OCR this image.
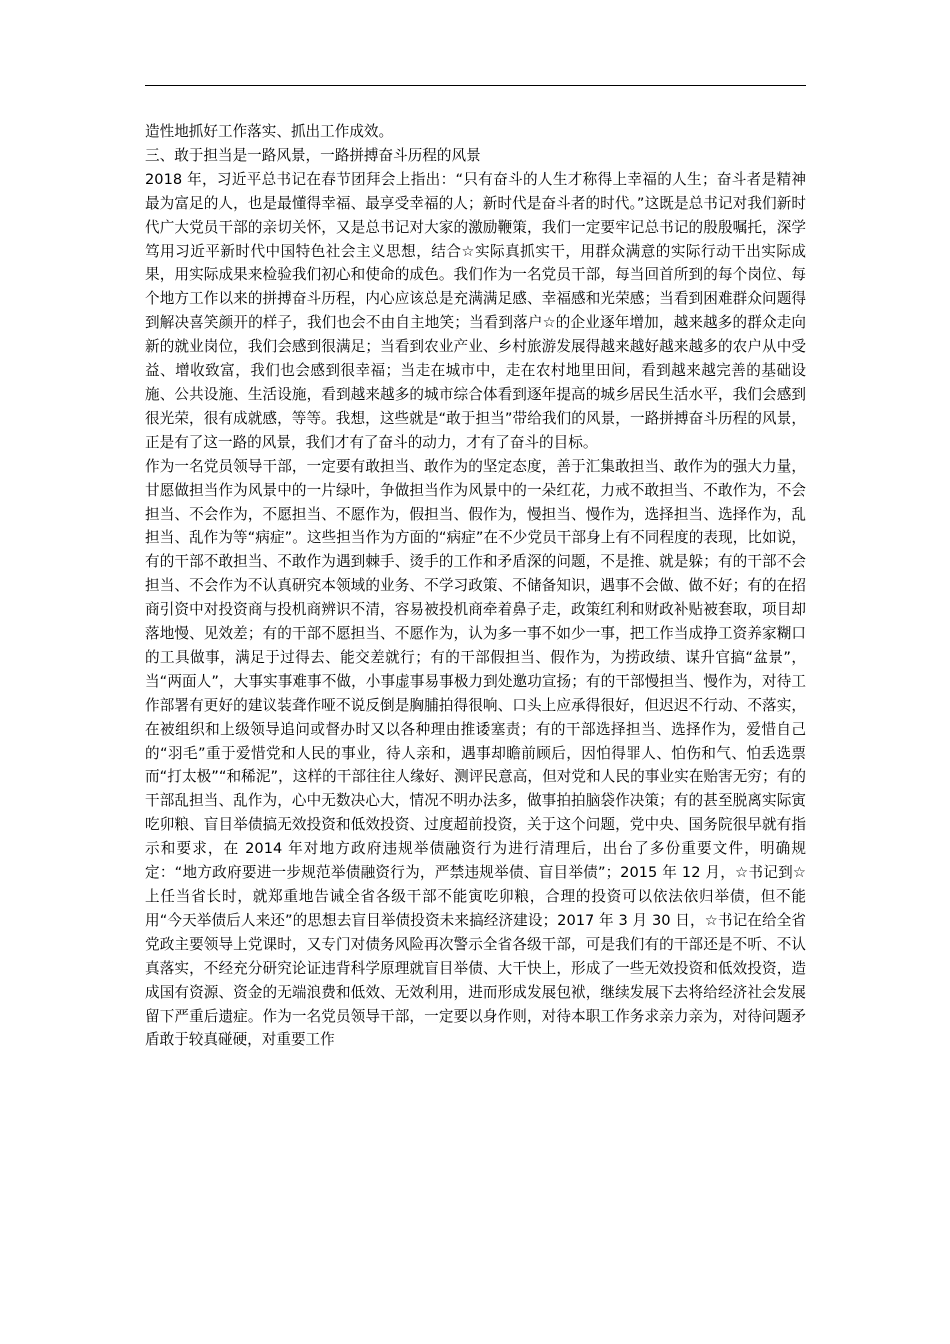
造性地抓好工作落实、抓出工作成效。

三、敢于担当是一路风景，一路拼搏奋斗历程的风景

2018 年，习近平总书记在春节团拜会上指出：“只有奋斗的人生才称得上幸福的人生；奋斗者是精神最为富足的人，也是最懂得幸福、最享受幸福的人；新时代是奋斗者的时代。”这既是总书记对我们新时代广大党员干部的亲切关怀，又是总书记对大家的激励鞭策，我们一定要牢记总书记的殷殷嘱托，深学笃用习近平新时代中国特色社会主义思想，结合☆实际真抓实干，用群众满意的实际行动干出实际成果，用实际成果来检验我们初心和使命的成色。我们作为一名党员干部，每当回首所到的每个岗位、每个地方工作以来的拼搏奋斗历程，内心应该总是充满满足感、幸福感和光荣感；当看到困难群众问题得到解决喜笑颜开的样子，我们也会不由自主地笑；当看到落户☆的企业逐年增加，越来越多的群众走向新的就业岗位，我们会感到很满足；当看到农业产业、乡村旅游发展得越来越好越来越多的农户从中受益、增收致富，我们也会感到很幸福；当走在城市中，走在农村地里田间，看到越来越完善的基础设施、公共设施、生活设施，看到越来越多的城市综合体看到逐年提高的城乡居民生活水平，我们会感到很光荣，很有成就感，等等。我想，这些就是“敢于担当”带给我们的风景，一路拼搏奋斗历程的风景，正是有了这一路的风景，我们才有了奋斗的动力，才有了奋斗的目标。

作为一名党员领导干部，一定要有敢担当、敢作为的坚定态度，善于汇集敢担当、敢作为的强大力量，甘愿做担当作为风景中的一片绿叶，争做担当作为风景中的一朵红花，力戒不敢担当、不敢作为，不会担当、不会作为，不愿担当、不愿作为，假担当、假作为，慢担当、慢作为，选择担当、选择作为，乱担当、乱作为等“病症”。这些担当作为方面的“病症”在不少党员干部身上有不同程度的表现，比如说，有的干部不敢担当、不敢作为遇到棘手、烫手的工作和矛盾深的问题，不是推、就是躲；有的干部不会担当、不会作为不认真研究本领域的业务、不学习政策、不储备知识，遇事不会做、做不好；有的在招商引资中对投资商与投机商辨识不清，容易被投机商牵着鼻子走，政策红利和财政补贴被套取，项目却落地慢、见效差；有的干部不愿担当、不愿作为，认为多一事不如少一事，把工作当成挣工资养家糊口的工具做事，满足于过得去、能交差就行；有的干部假担当、假作为，为捞政绩、谋升官搞“盆景”，当“两面人”，大事实事难事不做，小事虚事易事极力到处邀功宣扬；有的干部慢担当、慢作为，对待工作部署有更好的建议装聋作哑不说反倒是胸脯拍得很响、口头上应承得很好，但迟迟不行动、不落实，在被组织和上级领导追问或督办时又以各种理由推诿塞责；有的干部选择担当、选择作为，爱惜自己的“羽毛”重于爱惜党和人民的事业，待人亲和，遇事却瞻前顾后，因怕得罪人、怕伤和气、怕丢选票而“打太极”“和稀泥”，这样的干部往往人缘好、测评民意高，但对党和人民的事业实在贻害无穷；有的干部乱担当、乱作为，心中无数决心大，情况不明办法多，做事拍拍脑袋作决策；有的甚至脱离实际寅吃卯粮、盲目举债搞无效投资和低效投资、过度超前投资，关于这个问题，党中央、国务院很早就有指示和要求，在 2014 年对地方政府违规举债融资行为进行清理后，出台了多份重要文件，明确规定：“地方政府要进一步规范举债融资行为，严禁违规举债、盲目举债”；2015 年 12 月，☆书记到☆上任当省长时，就郑重地告诫全省各级干部不能寅吃卯粮，合理的投资可以依法依归举债，但不能用“今天举债后人来还”的思想去盲目举债投资未来搞经济建设；2017 年 3 月 30 日，☆书记在给全省党政主要领导上党课时，又专门对债务风险再次警示全省各级干部，可是我们有的干部还是不听、不认真落实，不经充分研究论证违背科学原理就盲目举债、大干快上，形成了一些无效投资和低效投资，造成国有资源、资金的无端浪费和低效、无效利用，进而形成发展包袱，继续发展下去将给经济社会发展留下严重后遗症。作为一名党员领导干部，一定要以身作则，对待本职工作务求亲力亲为，对待问题矛盾敢于较真碰硬，对重要工作
